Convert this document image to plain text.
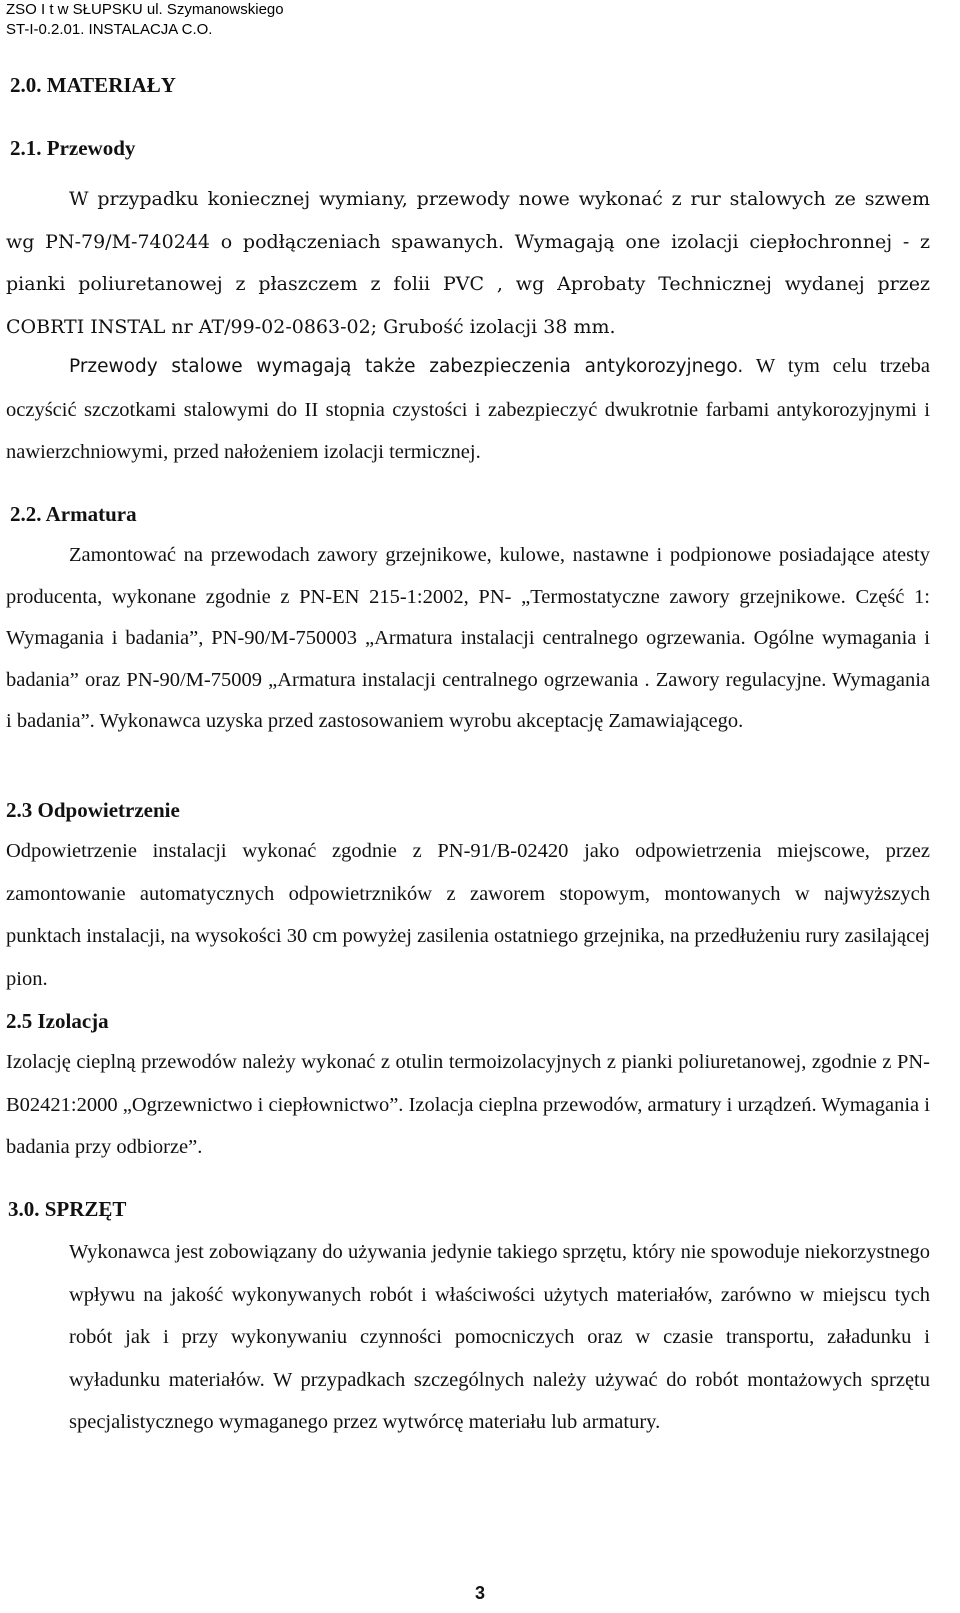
ZSO I t w SŁUPSKU ul. Szymanowskiego
ST-I-0.2.01. INSTALACJA C.O.
2.0. MATERIAŁY
2.1. Przewody

W przypadku koniecznej wymiany, przewody nowe wykonać z rur stalowych ze szwem wg PN-79/M-740244 o podłączeniach spawanych. Wymagają one izolacji ciepłochronnej - z pianki poliuretanowej z płaszczem z folii PVC , wg Aprobaty Technicznej wydanej przez COBRTI INSTAL nr AT/99-02-0863-02; Grubość izolacji 38 mm.

Przewody stalowe wymagają także zabezpieczenia antykorozyjnego. W tym celu trzeba oczyścić szczotkami stalowymi do II stopnia czystości i zabezpieczyć dwukrotnie farbami antykorozyjnymi i nawierzchniowymi, przed nałożeniem izolacji termicznej.

2.2. Armatura

Zamontować na przewodach zawory grzejnikowe, kulowe, nastawne i podpionowe posiadające atesty producenta, wykonane zgodnie z PN-EN 215-1:2002, PN- „Termostatyczne zawory grzejnikowe. Część 1: Wymagania i badania”, PN-90/M-750003 „Armatura instalacji centralnego ogrzewania. Ogólne wymagania i badania” oraz PN-90/M-75009 „Armatura instalacji centralnego ogrzewania . Zawory regulacyjne. Wymagania i badania”. Wykonawca uzyska przed zastosowaniem wyrobu akceptację Zamawiającego.

2.3 Odpowietrzenie

Odpowietrzenie instalacji wykonać zgodnie z PN-91/B-02420 jako odpowietrzenia miejscowe, przez zamontowanie automatycznych odpowietrzników z zaworem stopowym, montowanych w najwyższych punktach instalacji, na wysokości 30 cm powyżej zasilenia ostatniego grzejnika, na przedłużeniu rury zasilającej pion.

2.5 Izolacja

Izolację cieplną przewodów należy wykonać z otulin termoizolacyjnych z pianki poliuretanowej, zgodnie z PN-B02421:2000 „Ogrzewnictwo i ciepłownictwo”. Izolacja cieplna przewodów, armatury i urządzeń. Wymagania i badania przy odbiorze”.

3.0. SPRZĘT

Wykonawca jest zobowiązany do używania jedynie takiego sprzętu, który nie spowoduje niekorzystnego wpływu na jakość wykonywanych robót i właściwości użytych materiałów, zarówno w miejscu tych robót jak i przy wykonywaniu czynności pomocniczych oraz w czasie transportu, załadunku i wyładunku materiałów. W przypadkach szczególnych należy używać do robót montażowych sprzętu specjalistycznego wymaganego przez wytwórcę materiału lub armatury.

3
